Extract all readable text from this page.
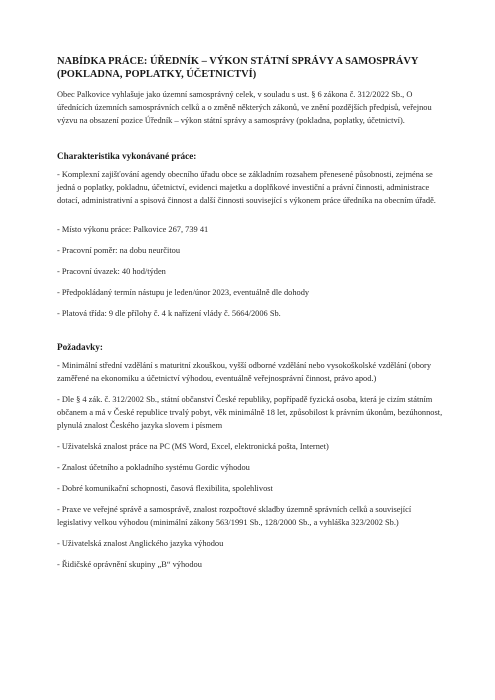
NABÍDKA PRÁCE: ÚŘEDNÍK – VÝKON STÁTNÍ SPRÁVY A SAMOSPRÁVY (POKLADNA, POPLATKY, ÚČETNICTVÍ)

Obec Palkovice vyhlašuje jako územní samosprávný celek, v souladu s ust. § 6 zákona č. 312/2022 Sb., O úřednících územních samosprávních celků a o změně některých zákonů, ve znění pozdějších předpisů, veřejnou výzvu na obsazení pozice Úředník – výkon státní správy a samosprávy (pokladna, poplatky, účetnictví).

Charakteristika vykonávané práce:

- Komplexní zajišťování agendy obecního úřadu obce se základním rozsahem přenesené působnosti, zejména se jedná o poplatky, pokladnu, účetnictví, evidenci majetku a doplňkové investiční a právní činnosti, administrace dotací, administrativní a spisová činnost a další činnosti související s výkonem práce úředníka na obecním úřadě.

- Místo výkonu práce: Palkovice 267, 739 41
- Pracovní poměr: na dobu neurčitou
- Pracovní úvazek: 40 hod/týden
- Předpokládaný termín nástupu je leden/únor 2023, eventuálně dle dohody
- Platová třída: 9 dle přílohy č. 4 k nařízení vlády č. 5664/2006 Sb.
Požadavky:
- Minimální střední vzdělání s maturitní zkouškou, vyšší odborné vzdělání nebo vysokoškolské vzdělání (obory zaměřené na ekonomiku a účetnictví výhodou, eventuálně veřejnosprávní činnost, právo apod.)
- Dle § 4 zák. č. 312/2002 Sb., státní občanství České republiky, popřípadě fyzická osoba, která je cizím státním občanem a má v České republice trvalý pobyt, věk minimálně 18 let, způsobilost k právním úkonům, bezúhonnost, plynulá znalost Českého jazyka slovem i písmem
- Uživatelská znalost práce na PC (MS Word, Excel, elektronická pošta, Internet)
- Znalost účetního a pokladního systému Gordic výhodou
- Dobré komunikační schopnosti, časová flexibilita, spolehlivost
- Praxe ve veřejné správě a samosprávě, znalost rozpočtové skladby územně správních celků a související legislativy velkou výhodou (minimální zákony 563/1991 Sb., 128/2000 Sb., a vyhláška 323/2002 Sb.)
- Uživatelská znalost Anglického jazyka výhodou
- Řidičské oprávnění skupiny „B“ výhodou
